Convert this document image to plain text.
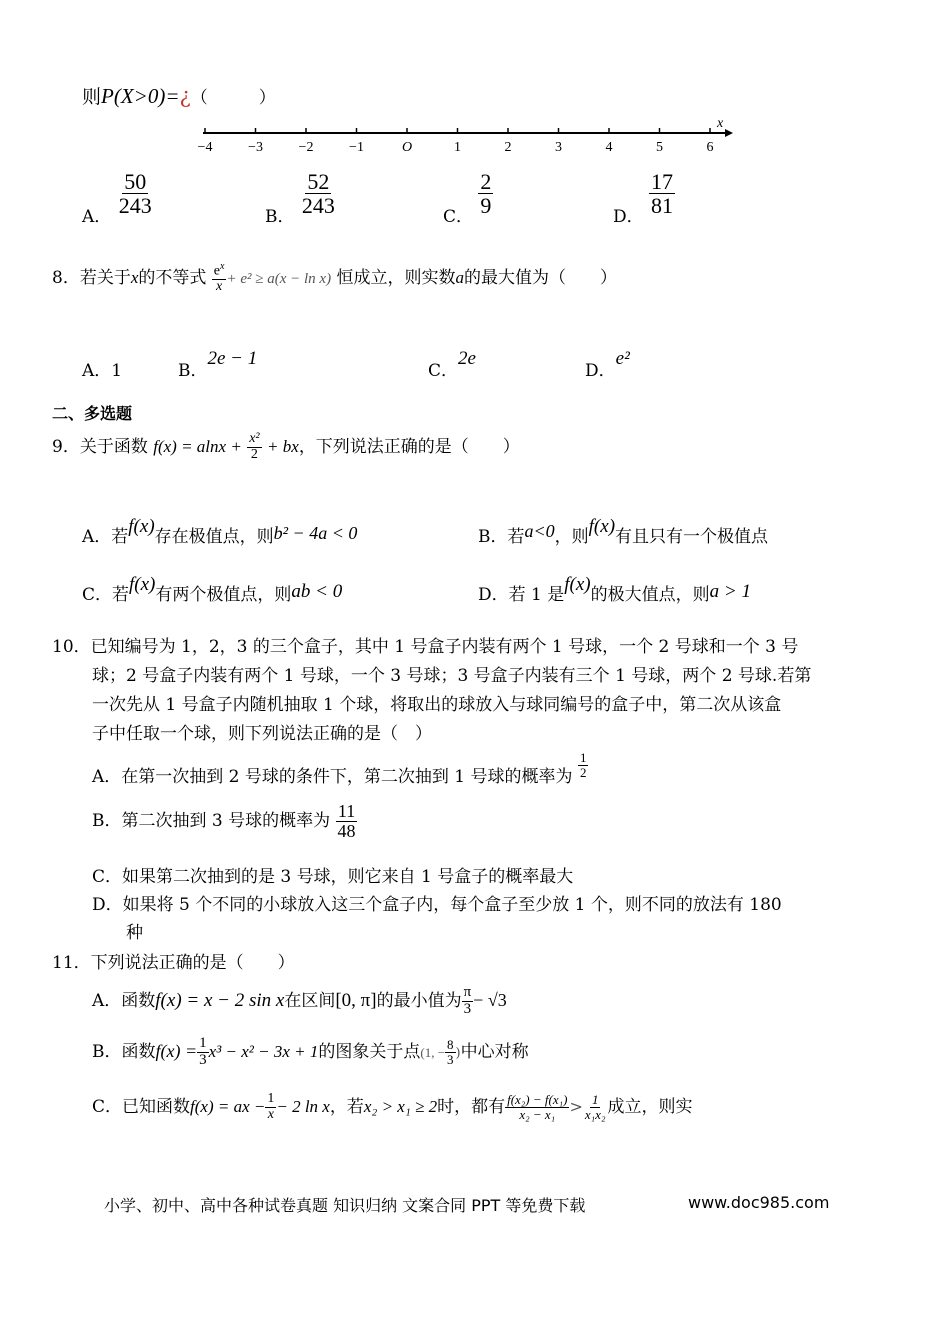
则P(X>0)=¿（　　　）
−4	−3	−2	−1	O	1	2	3	4	5	6
x
A． $\frac{50}{243}$	B． $\frac{52}{243}$	C． $\frac{2}{9}$	D． $\frac{17}{81}$
8．若关于x的不等式 $\frac{e^x}{x} + e^2 \ge a(x - \ln x)$ 恒成立，则实数a的最大值为（　　）
A．1	B．2e − 1
C．2e
D．e²
二、多选题
9．关于函数 $f(x) = alnx + \frac{\text{x²}}{2}$ + bx，下列说法正确的是（　　）
A．若f(x)存在极值点，则b² − 4a < 0	B．若a<0，则f(x)有且只有一个极值点
C．若f(x)有两个极值点，则ab < 0	D．若 1 是f(x)的极大值点，则a > 1
10．已知编号为 1，2，3 的三个盒子，其中 1 号盒子内装有两个 1 号球，一个 2 号球和一个 3 号
球；2 号盒子内装有两个 1 号球，一个 3 号球；3 号盒子内装有三个 1 号球，两个 2 号球.若第
一次先从 1 号盒子内随机抽取 1 个球，将取出的球放入与球同编号的盒子中，第二次从该盒
子中任取一个球，则下列说法正确的是（　）
A．在第一次抽到 2 号球的条件下，第二次抽到 1 号球的概率为 $\frac{1}{2}$
B．第二次抽到 3 号球的概率为 $\frac{11}{48}$
C．如果第二次抽到的是 3 号球，则它来自 1 号盒子的概率最大
D．如果将 5 个不同的小球放入这三个盒子内，每个盒子至少放 1 个，则不同的放法有 180
种
11．下列说法正确的是（　　）
A．函数f(x) = x − 2 sin x在区间[0, π]的最小值为 $\frac{\pi}{3} - √3$
B．函数$f(x) = \frac{1}{3} x^3 - x^2 - 3x + 1$的图象关于点(1, − $\frac{8}{3}$ )中心对称
C．已知函数f(x) = ax − $\frac{1}{x} - 2$ ln x，若x₂ > x₁ ≥ 2时，都有 $\frac{\text{f(x₂) − f(x₁)}}{\text{x₂ − x₁}} > \frac{1}{\text{x₁x₂}}$ 成立，则实
小学、初中、高中各种试卷真题 知识归纳 文案合同 PPT 等免费下载	www.doc985.com
